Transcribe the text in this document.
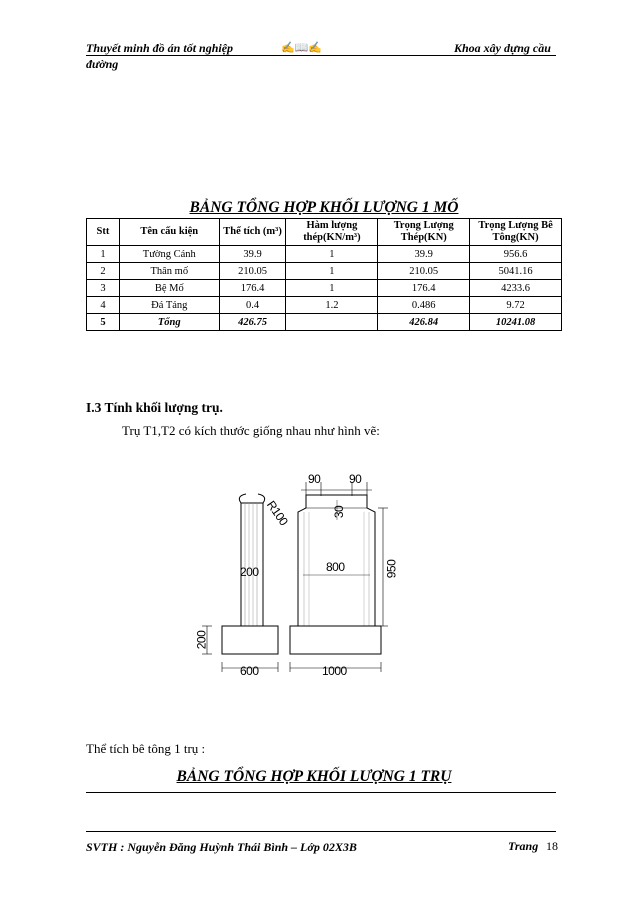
Thuyết minh đồ án tốt nghiệp
đường
✍📖✍	Khoa xây dựng cầu
BẢNG TỔNG HỢP KHỐI LƯỢNG 1 MỐ
Stt	Tên cấu kiện	Thể tích (m³)	Hàm lượng thép(KN/m³)	Trọng Lượng Thép(KN)	Trọng Lượng Bê Tông(KN)
1	Tường Cánh	39.9	1	39.9	956.6
2	Thân mố	210.05	1	210.05	5041.16
3	Bệ Mố	176.4	1	176.4	4233.6
4	Đá Tảng	0.4	1.2	0.486	9.72
5	Tổng	426.75		426.84	10241.08
I.3 Tính khối lượng trụ.
Trụ T1,T2 có kích thước giống nhau như hình vẽ:
90 90
R100	30
200	800	950
200
600	1000
Thể tích bê tông 1 trụ :
BẢNG TỔNG HỢP KHỐI LƯỢNG 1 TRỤ
SVTH : Nguyễn Đăng Huỳnh Thái Bình – Lớp 02X3B	Trang 18
